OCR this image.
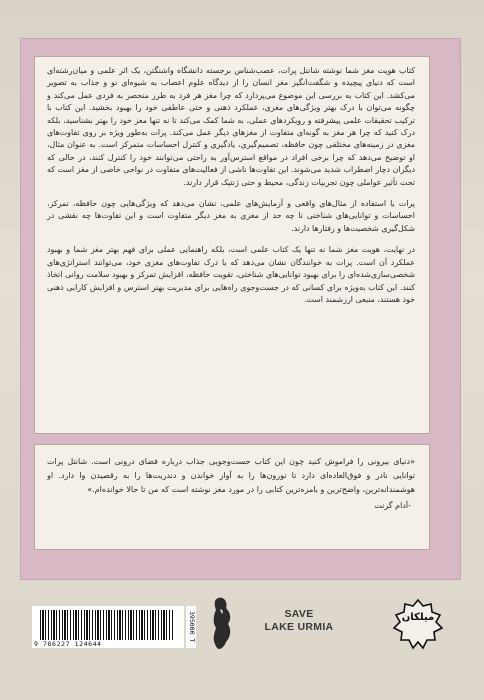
کتاب هویت مغز شما نوشته شانتل پرات، عصب‌شناس برجسته دانشگاه واشنگتن، یک اثر علمی و میان‌رشته‌ای است که دنیای پیچیده و شگفت‌انگیز مغز انسان را از دیدگاه علوم اعصاب به شیوه‌ای نو و جذاب به تصویر می‌کشد. این کتاب به بررسی این موضوع می‌پردازد که چرا مغز هر فرد به طرز منحصر به فردی عمل می‌کند و چگونه می‌توان با درک بهتر ویژگی‌های مغزی، عملکرد ذهنی و حتی عاطفی خود را بهبود بخشید. این کتاب با ترکیب تحقیقات علمی پیشرفته و رویکردهای عملی، به شما کمک می‌کند تا نه تنها مغز خود را بهتر بشناسید، بلکه درک کنید که چرا هر مغز به گونه‌ای متفاوت از مغزهای دیگر عمل می‌کند. پرات به‌طور ویژه بر روی تفاوت‌های مغزی در زمینه‌های مختلفی چون حافظه، تصمیم‌گیری، یادگیری و کنترل احساسات متمرکز است. به عنوان مثال، او توضیح می‌دهد که چرا برخی افراد در مواقع استرس‌آور به راحتی می‌توانند خود را کنترل کنند، در حالی که دیگران دچار اضطراب شدید می‌شوند. این تفاوت‌ها ناشی از فعالیت‌های متفاوت در نواحی خاصی از مغز است که تحت تأثیر عواملی چون تجربیات زندگی، محیط و حتی ژنتیک قرار دارند.

پرات با استفاده از مثال‌های واقعی و آزمایش‌های علمی، نشان می‌دهد که ویژگی‌هایی چون حافظه، تمرکز، احساسات و توانایی‌های شناختی تا چه حد از مغزی به مغز دیگر متفاوت است و این تفاوت‌ها چه نقشی در شکل‌گیری شخصیت‌ها و رفتارها دارند.

در نهایت، هویت مغز شما نه تنها یک کتاب علمی است، بلکه راهنمایی عملی برای فهم بهتر مغز شما و بهبود عملکرد آن است. پرات به خوانندگان نشان می‌دهد که با درک تفاوت‌های مغزی خود، می‌توانند استراتژی‌های شخصی‌سازی‌شده‌ای را برای بهبود توانایی‌های شناختی، تقویت حافظه، افزایش تمرکز و بهبود سلامت روانی اتخاذ کنند. این کتاب به‌ویژه برای کسانی که در جست‌وجوی راه‌هایی برای مدیریت بهتر استرس و افزایش کارایی ذهنی خود هستند، منبعی ارزشمند است.

«دنیای بیرونی را فراموش کنید چون این کتاب جست‌وجویی جذاب درباره فضای درونی است. شانتل پرات توانایی نادر و فوق‌العاده‌ای دارد تا نورون‌ها را به آواز خواندن و دندریت‌ها را به رقصیدن وا دارد. او هوشمندانه‌ترین، واضح‌ترین و بامزه‌ترین کتابی را در مورد مغز نوشته است که من تا حالا خوانده‌ام.»
-آدام گرنت
9 786227 124644
395000 T	SAVE
LAKE URMIA
میلکان
